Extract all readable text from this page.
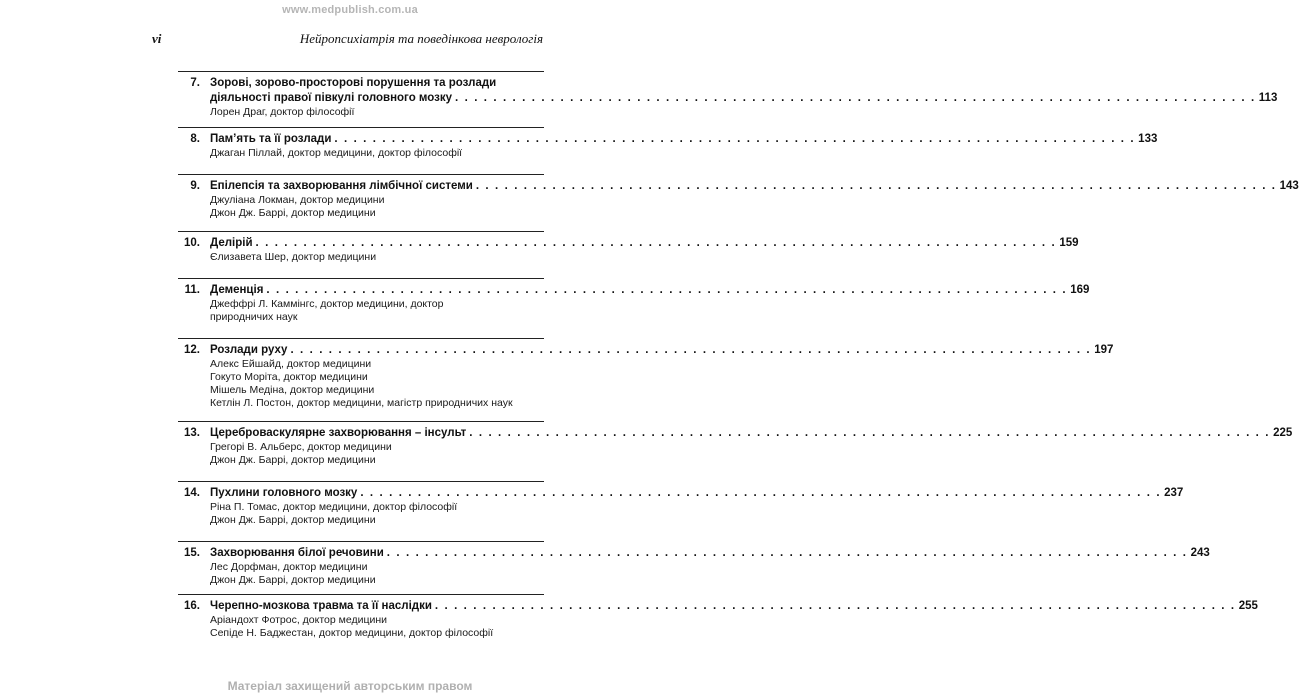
www.medpublish.com.ua
vi	Нейропсихіатрія та поведінкова неврологія
7. Зорові, зорово-просторові порушення та розлади
діяльності правої півкулі головного мозку . . . . . . . . . . . . . . . . . . . . . . . . . . . . . . . . . . . . . . . . . . . . . . . . . . . . . . . . . . . . . . . . . . . . . . . . . . . . . . . . . . . . 113
Лорен Драг, доктор філософії
8. Пам’ять та її розлади . . . . . . . . . . . . . . . . . . . . . . . . . . . . . . . . . . . . . . . . . . . . . . . . . . . . . . . . . . . . . . . . . . . . . . . . . . . . . . . . . . . . 133
Джаган Піллай, доктор медицини, доктор філософії
9. Епілепсія та захворювання лімбічної системи . . . . . . . . . . . . . . . . . . . . . . . . . . . . . . . . . . . . . . . . . . . . . . . . . . . . . . . . . . . . . . . . . . . . . . . . . . . . . . . . . . . . 143
Джуліана Локман, доктор медицини
Джон Дж. Баррі, доктор медицини
10. Делірій . . . . . . . . . . . . . . . . . . . . . . . . . . . . . . . . . . . . . . . . . . . . . . . . . . . . . . . . . . . . . . . . . . . . . . . . . . . . . . . . . . . . 159
Єлизавета Шер, доктор медицини
11. Деменція . . . . . . . . . . . . . . . . . . . . . . . . . . . . . . . . . . . . . . . . . . . . . . . . . . . . . . . . . . . . . . . . . . . . . . . . . . . . . . . . . . . . 169
Джеффрі Л. Каммінгс, доктор медицини, доктор
природничих наук
12. Розлади руху . . . . . . . . . . . . . . . . . . . . . . . . . . . . . . . . . . . . . . . . . . . . . . . . . . . . . . . . . . . . . . . . . . . . . . . . . . . . . . . . . . . . 197
Алекс Ейшайд, доктор медицини
Гокуто Моріта, доктор медицини
Мішель Медіна, доктор медицини
Кетлін Л. Постон, доктор медицини, магістр природничих наук
13. Цереброваскулярне захворювання – інсульт . . . . . . . . . . . . . . . . . . . . . . . . . . . . . . . . . . . . . . . . . . . . . . . . . . . . . . . . . . . . . . . . . . . . . . . . . . . . . . . . . . . . 225
Грегорі В. Альберс, доктор медицини
Джон Дж. Баррі, доктор медицини
14. Пухлини головного мозку . . . . . . . . . . . . . . . . . . . . . . . . . . . . . . . . . . . . . . . . . . . . . . . . . . . . . . . . . . . . . . . . . . . . . . . . . . . . . . . . . . . . 237
Ріна П. Томас, доктор медицини, доктор філософії
Джон Дж. Баррі, доктор медицини
15. Захворювання білої речовини . . . . . . . . . . . . . . . . . . . . . . . . . . . . . . . . . . . . . . . . . . . . . . . . . . . . . . . . . . . . . . . . . . . . . . . . . . . . . . . . . . . . 243
Лес Дорфман, доктор медицини
Джон Дж. Баррі, доктор медицини
16. Черепно-мозкова травма та її наслідки . . . . . . . . . . . . . . . . . . . . . . . . . . . . . . . . . . . . . . . . . . . . . . . . . . . . . . . . . . . . . . . . . . . . . . . . . . . . . . . . . . . . 255
Аріандохт Фотрос, доктор медицини
Сепіде Н. Баджестан, доктор медицини, доктор філософії
Матеріал захищений авторським правом
